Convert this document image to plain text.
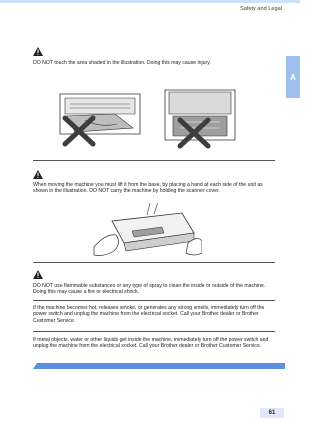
Safety and Legal
A

DO NOT touch the area shaded in the illustration. Doing this may cause injury.

When moving the machine you must lift it from the base, by placing a hand at each side of the unit as shown in the illustration. DO NOT carry the machine by holding the scanner cover.

DO NOT use flammable substances or any type of spray to clean the inside or outside of the machine. Doing this may cause a fire or electrical shock.

If the machine becomes hot, releases smoke, or generates any strong smells, immediately turn off the power switch and unplug the machine from the electrical socket. Call your Brother dealer or Brother Customer Service.

If metal objects, water or other liquids get inside the machine, immediately turn off the power switch and unplug the machine from the electrical socket. Call your Brother dealer or Brother Customer Service.

61
